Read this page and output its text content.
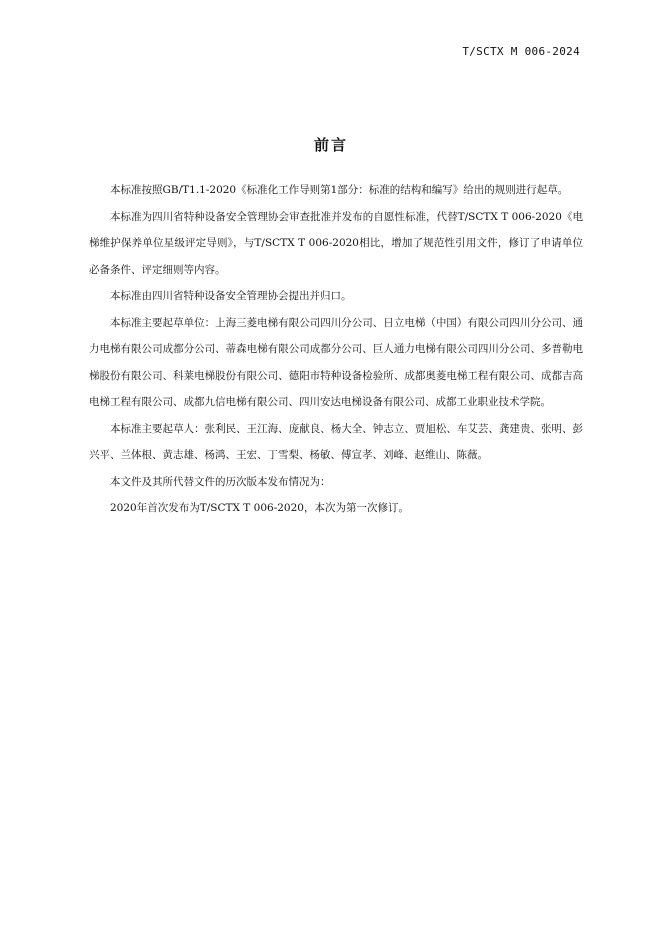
T/SCTX M 006-2024
前言

本标准按照GB/T1.1-2020《标准化工作导则第1部分：标准的结构和编写》给出的规则进行起草。

本标准为四川省特种设备安全管理协会审查批准并发布的自愿性标准，代替T/SCTX T 006-2020《电梯维护保养单位星级评定导则》，与T/SCTX T 006-2020相比，增加了规范性引用文件，修订了申请单位必备条件、评定细则等内容。

本标准由四川省特种设备安全管理协会提出并归口。

本标准主要起草单位：上海三菱电梯有限公司四川分公司、日立电梯（中国）有限公司四川分公司、通力电梯有限公司成都分公司、蒂森电梯有限公司成都分公司、巨人通力电梯有限公司四川分公司、多普勒电梯股份有限公司、科莱电梯股份有限公司、德阳市特种设备检验所、成都奥菱电梯工程有限公司、成都吉高电梯工程有限公司、成都九信电梯有限公司、四川安达电梯设备有限公司、成都工业职业技术学院。

本标准主要起草人：张利民、王江海、庞献良、杨大全、钟志立、贾旭松、车艾芸、龚建贵、张明、彭兴平、兰体根、黄志雄、杨鸿、王宏、丁雪梨、杨敏、傅宣孝、刘峰、赵维山、陈薇。

本文件及其所代替文件的历次版本发布情况为：

2020年首次发布为T/SCTX T 006-2020，本次为第一次修订。
